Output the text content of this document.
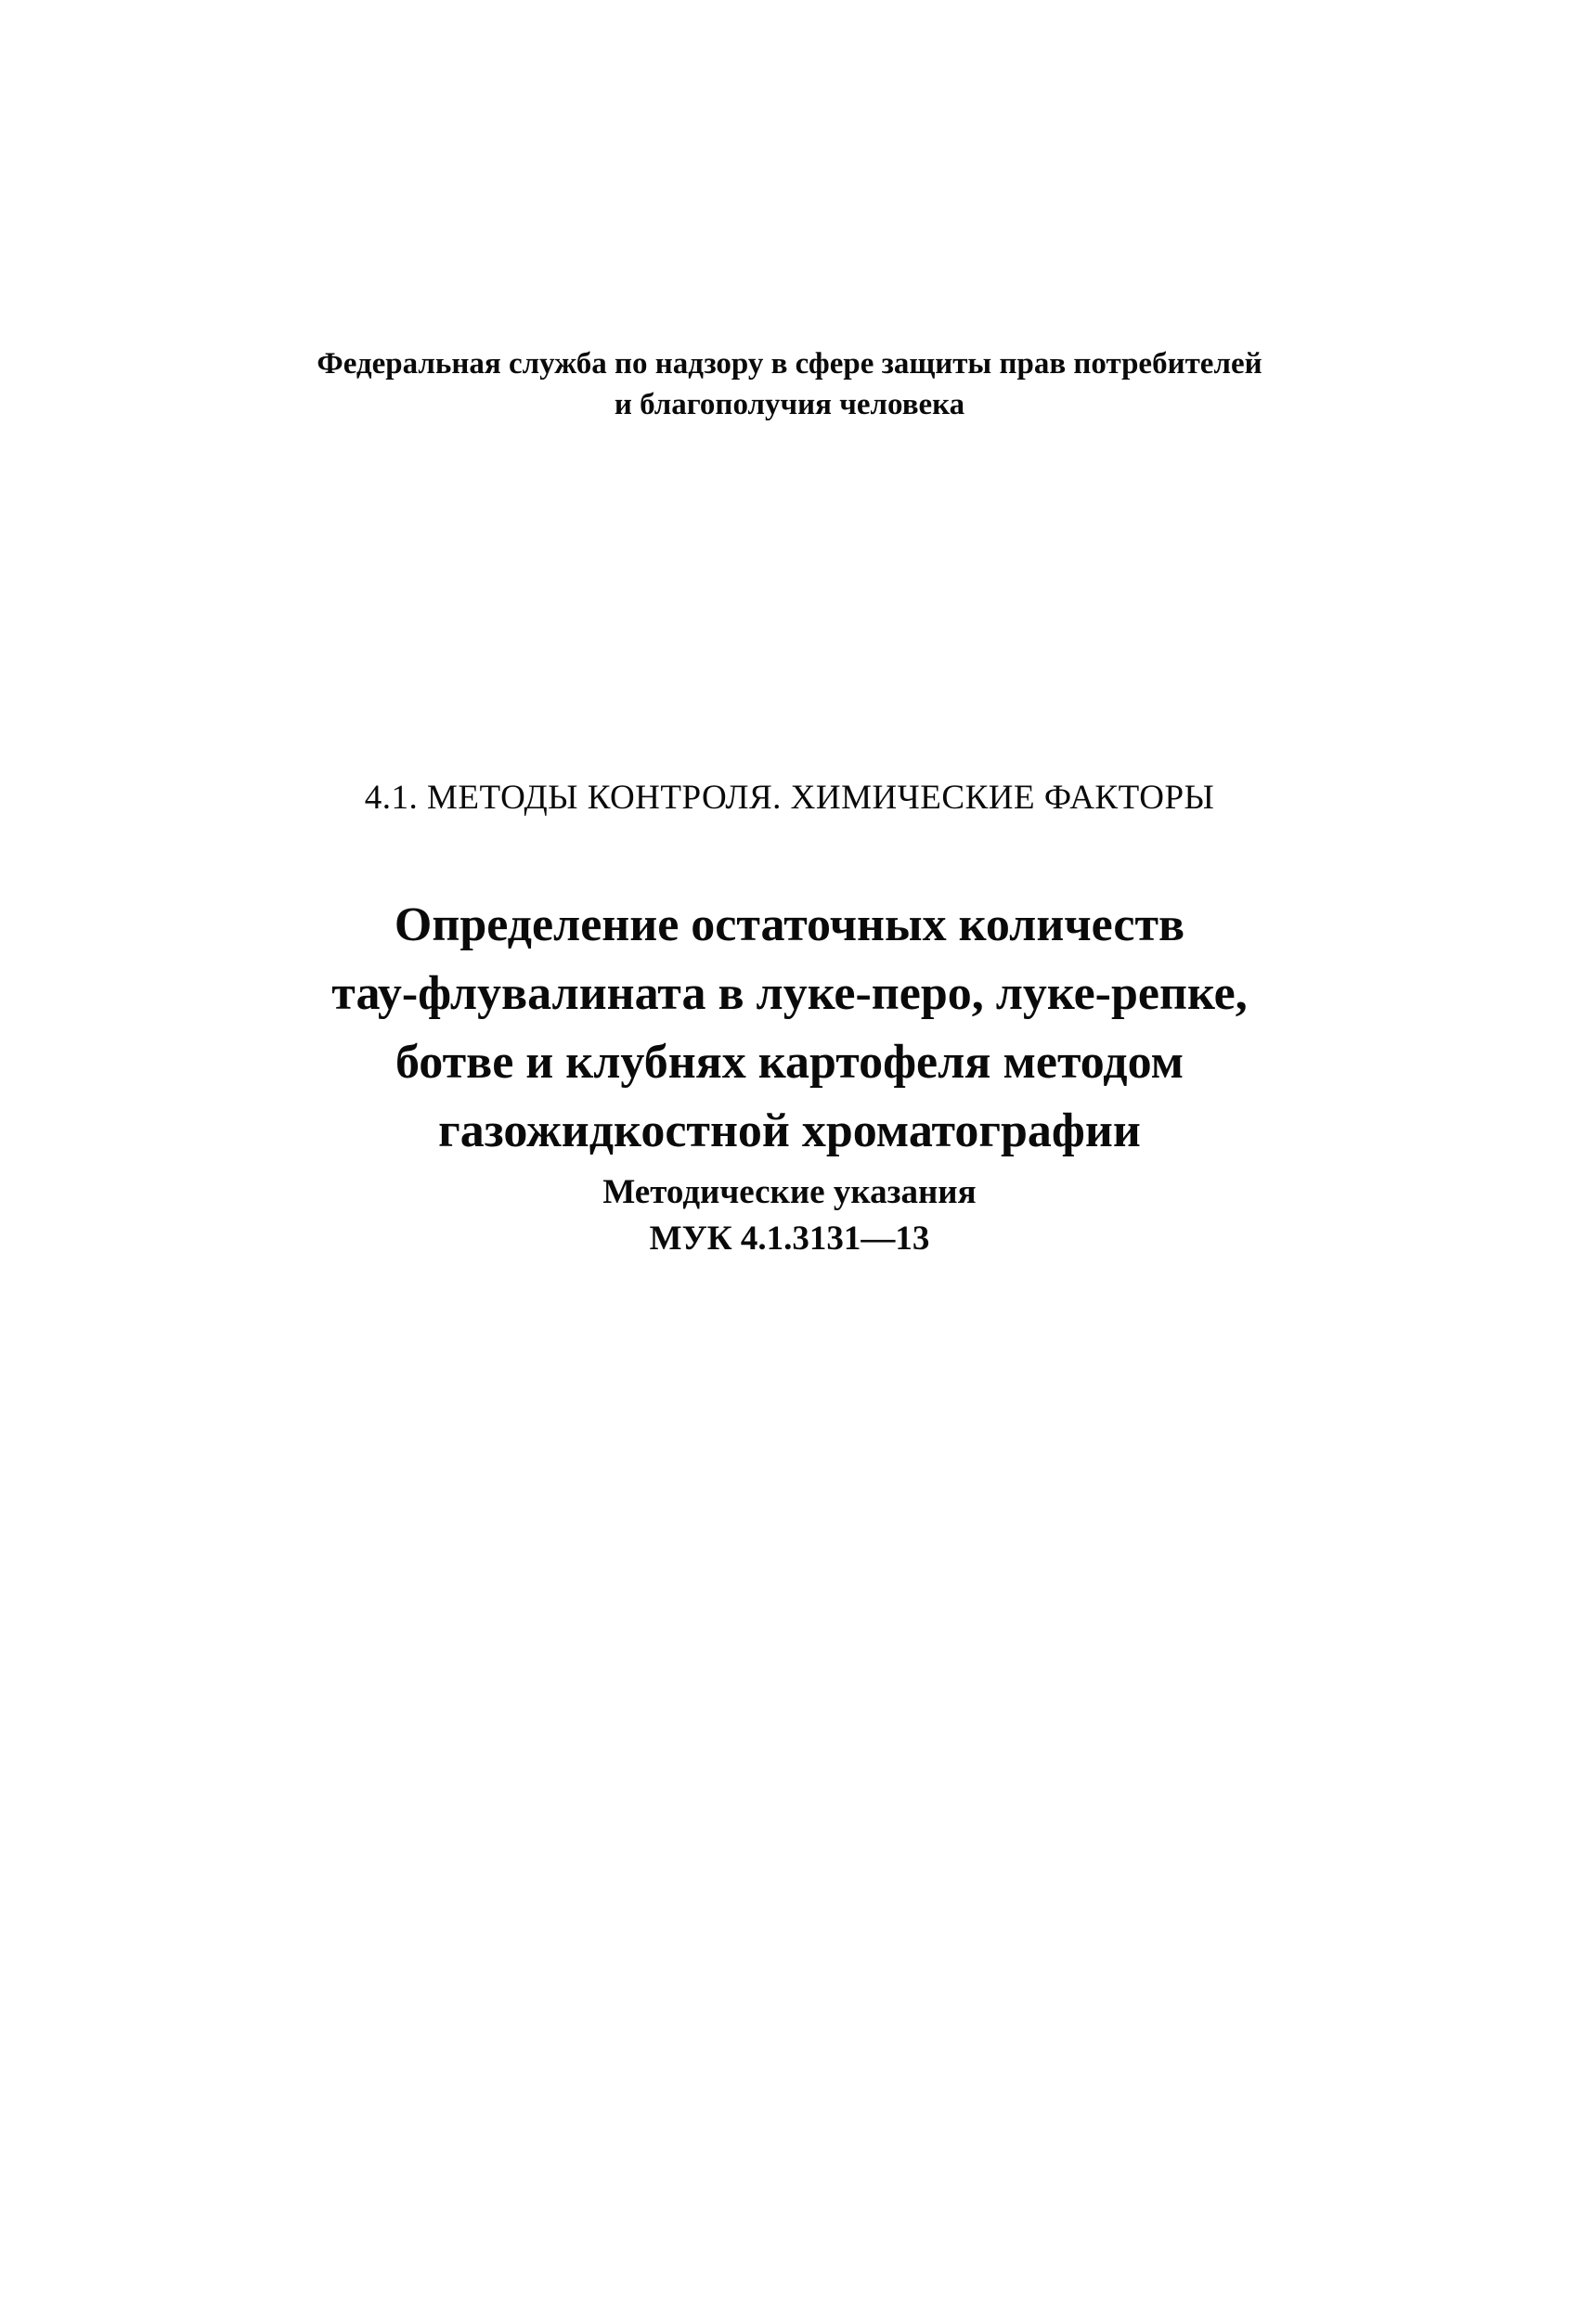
Федеральная служба по надзору в сфере защиты прав потребителей
и благополучия человека
4.1. МЕТОДЫ КОНТРОЛЯ. ХИМИЧЕСКИЕ ФАКТОРЫ
Определение остаточных количеств
тау-флувалината в луке-перо, луке-репке,
ботве и клубнях картофеля методом
газожидкостной хроматографии
Методические указания
МУК 4.1.3131—13
